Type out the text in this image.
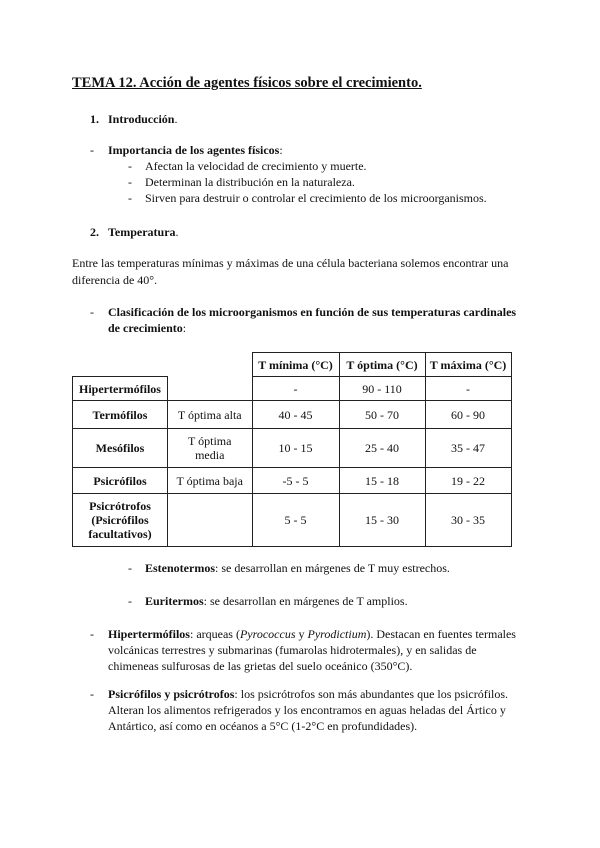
TEMA 12. Acción de agentes físicos sobre el crecimiento.
1. Introducción.
- Importancia de los agentes físicos:
- Afectan la velocidad de crecimiento y muerte.
- Determinan la distribución en la naturaleza.
- Sirven para destruir o controlar el crecimiento de los microorganismos.
2. Temperatura.
Entre las temperaturas mínimas y máximas de una célula bacteriana solemos encontrar una
diferencia de 40°.
- Clasificación de los microorganismos en función de sus temperaturas cardinales
de crecimiento:
		T mínima (°C)	T óptima (°C)	T máxima (°C)
Hipertermófilos		-	90 - 110	-
Termófilos	T óptima alta	40 - 45	50 - 70	60 - 90
Mesófilos	T óptima media	10 - 15	25 - 40	35 - 47
Psicrófilos	T óptima baja	-5 - 5	15 - 18	19 - 22
Psicrótrofos (Psicrófilos facultativos)		5 - 5	15 - 30	30 - 35
- Estenotermos: se desarrollan en márgenes de T muy estrechos.
- Euritermos: se desarrollan en márgenes de T amplios.
- Hipertermófilos: arqueas (Pyrococcus y Pyrodictium). Destacan en fuentes termales
volcánicas terrestres y submarinas (fumarolas hidrotermales), y en salidas de
chimeneas sulfurosas de las grietas del suelo oceánico (350°C).
- Psicrófilos y psicrótrofos: los psicrótrofos son más abundantes que los psicrófilos.
Alteran los alimentos refrigerados y los encontramos en aguas heladas del Ártico y
Antártico, así como en océanos a 5°C (1-2°C en profundidades).
